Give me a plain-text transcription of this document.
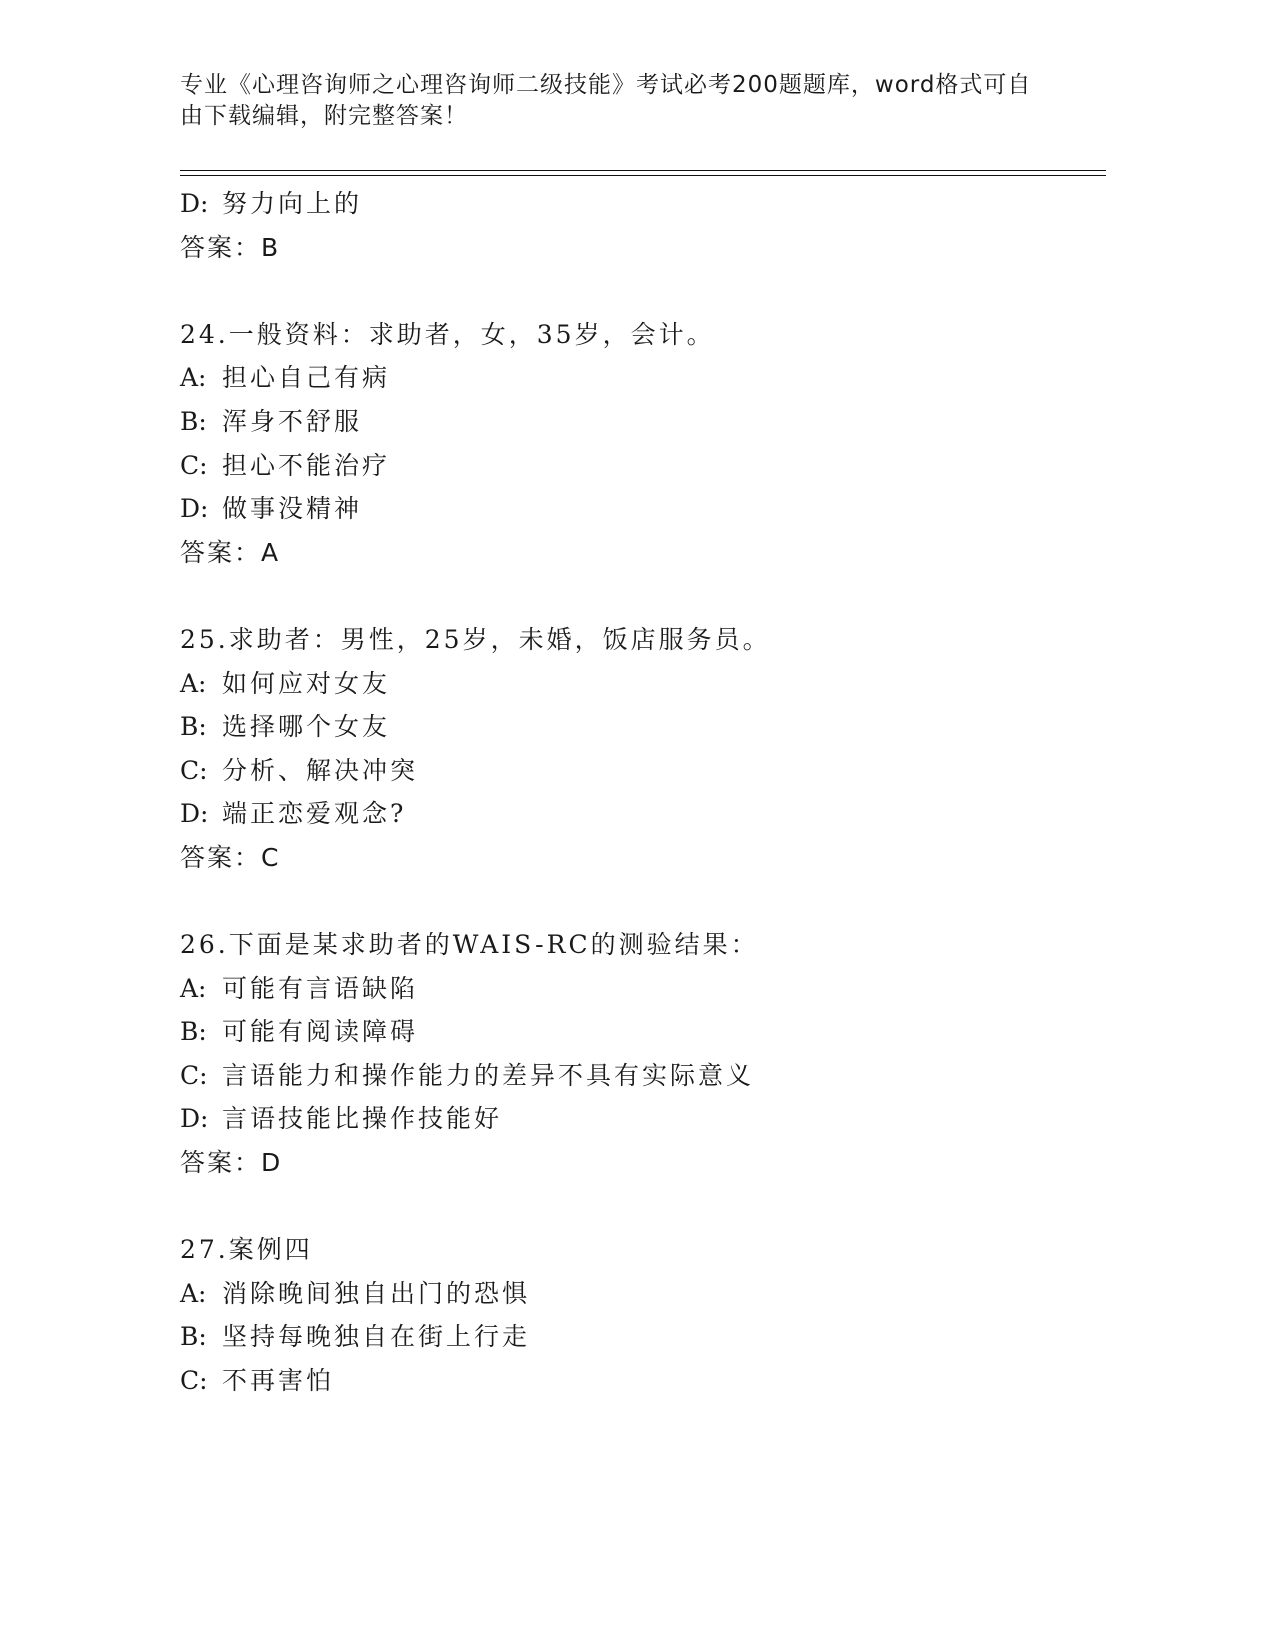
专业《心理咨询师之心理咨询师二级技能》考试必考200题题库，word格式可自
由下载编辑，附完整答案！
D: 努力向上的
答案：B
24.一般资料：求助者，女，35岁，会计。
A: 担心自己有病
B: 浑身不舒服
C: 担心不能治疗
D: 做事没精神
答案：A
25.求助者：男性，25岁，未婚，饭店服务员。
A: 如何应对女友
B: 选择哪个女友
C: 分析、解决冲突
D: 端正恋爱观念?
答案：C
26.下面是某求助者的WAIS-RC的测验结果：
A: 可能有言语缺陷
B: 可能有阅读障碍
C: 言语能力和操作能力的差异不具有实际意义
D: 言语技能比操作技能好
答案：D
27.案例四
A: 消除晚间独自出门的恐惧
B: 坚持每晚独自在街上行走
C: 不再害怕
